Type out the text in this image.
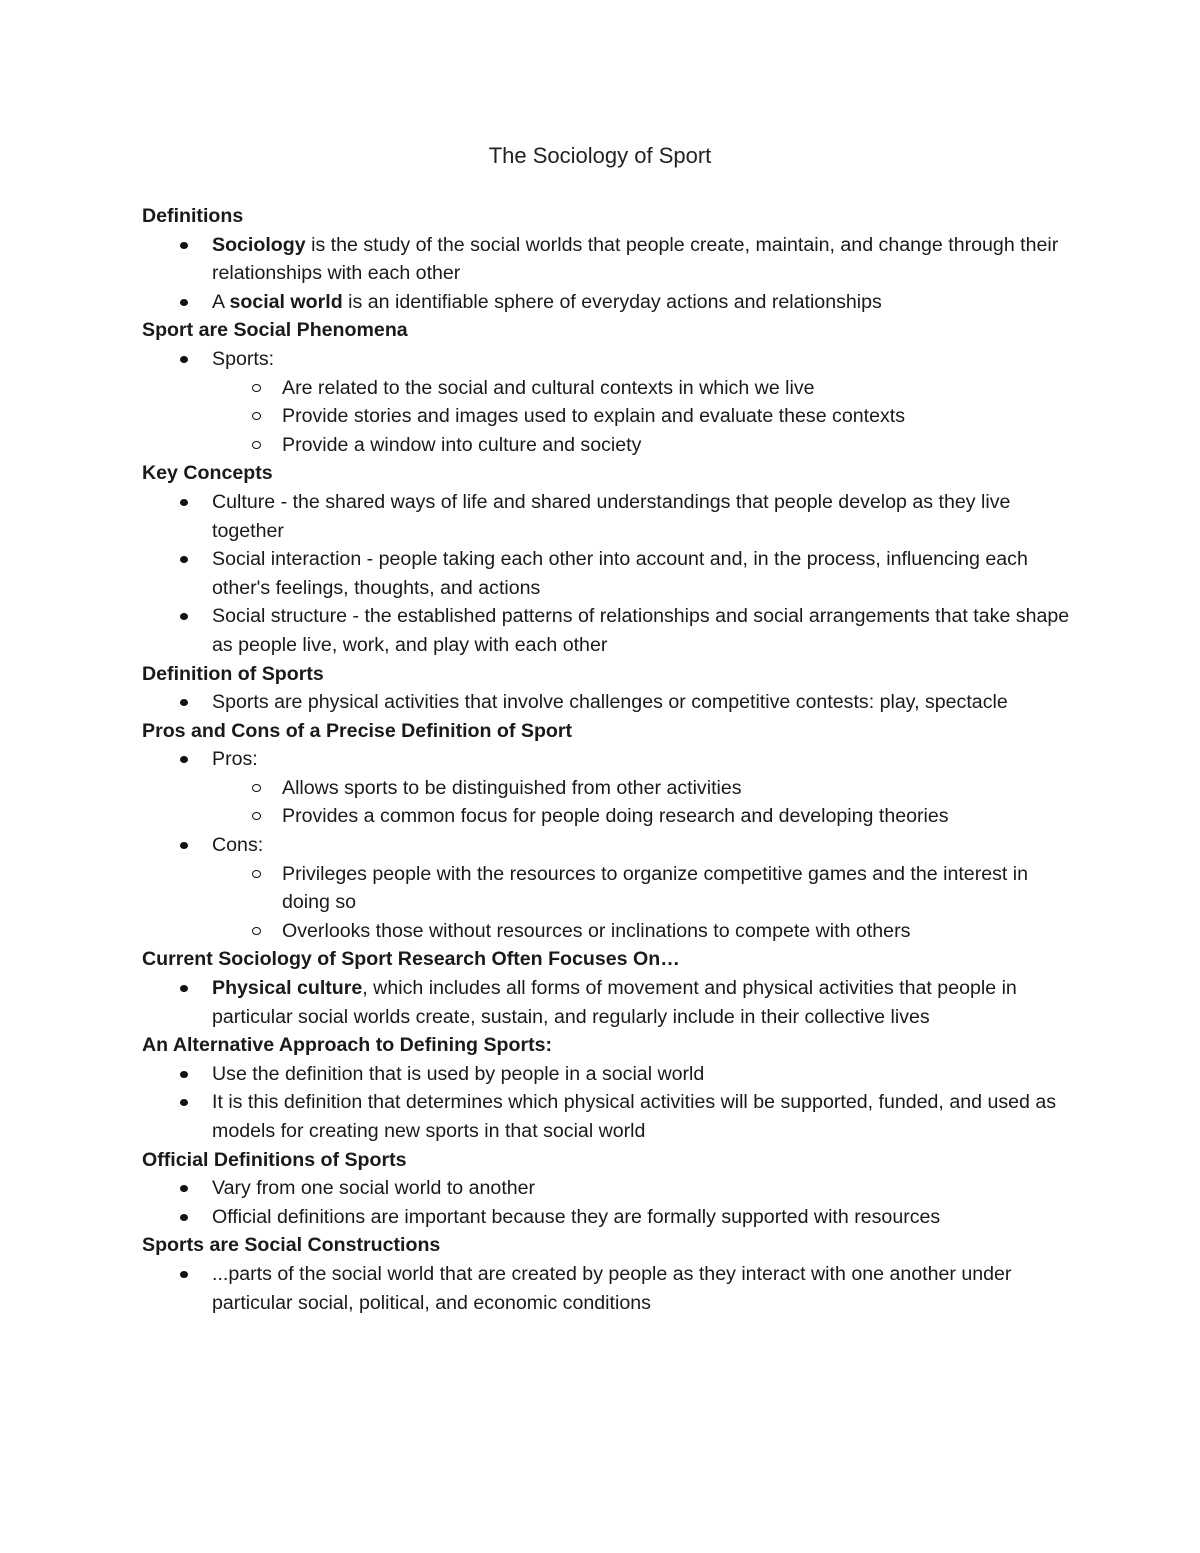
The Sociology of Sport
Definitions
Sociology is the study of the social worlds that people create, maintain, and change through their relationships with each other
A social world is an identifiable sphere of everyday actions and relationships
Sport are Social Phenomena
Sports:
Are related to the social and cultural contexts in which we live
Provide stories and images used to explain and evaluate these contexts
Provide a window into culture and society
Key Concepts
Culture - the shared ways of life and shared understandings that people develop as they live together
Social interaction - people taking each other into account and, in the process, influencing each other's feelings, thoughts, and actions
Social structure - the established patterns of relationships and social arrangements that take shape as people live, work, and play with each other
Definition of Sports
Sports are physical activities that involve challenges or competitive contests: play, spectacle
Pros and Cons of a Precise Definition of Sport
Pros:
Allows sports to be distinguished from other activities
Provides a common focus for people doing research and developing theories
Cons:
Privileges people with the resources to organize competitive games and the interest in doing so
Overlooks those without resources or inclinations to compete with others
Current Sociology of Sport Research Often Focuses On…
Physical culture, which includes all forms of movement and physical activities that people in particular social worlds create, sustain, and regularly include in their collective lives
An Alternative Approach to Defining Sports:
Use the definition that is used by people in a social world
It is this definition that determines which physical activities will be supported, funded, and used as models for creating new sports in that social world
Official Definitions of Sports
Vary from one social world to another
Official definitions are important because they are formally supported with resources
Sports are Social Constructions
...parts of the social world that are created by people as they interact with one another under particular social, political, and economic conditions
